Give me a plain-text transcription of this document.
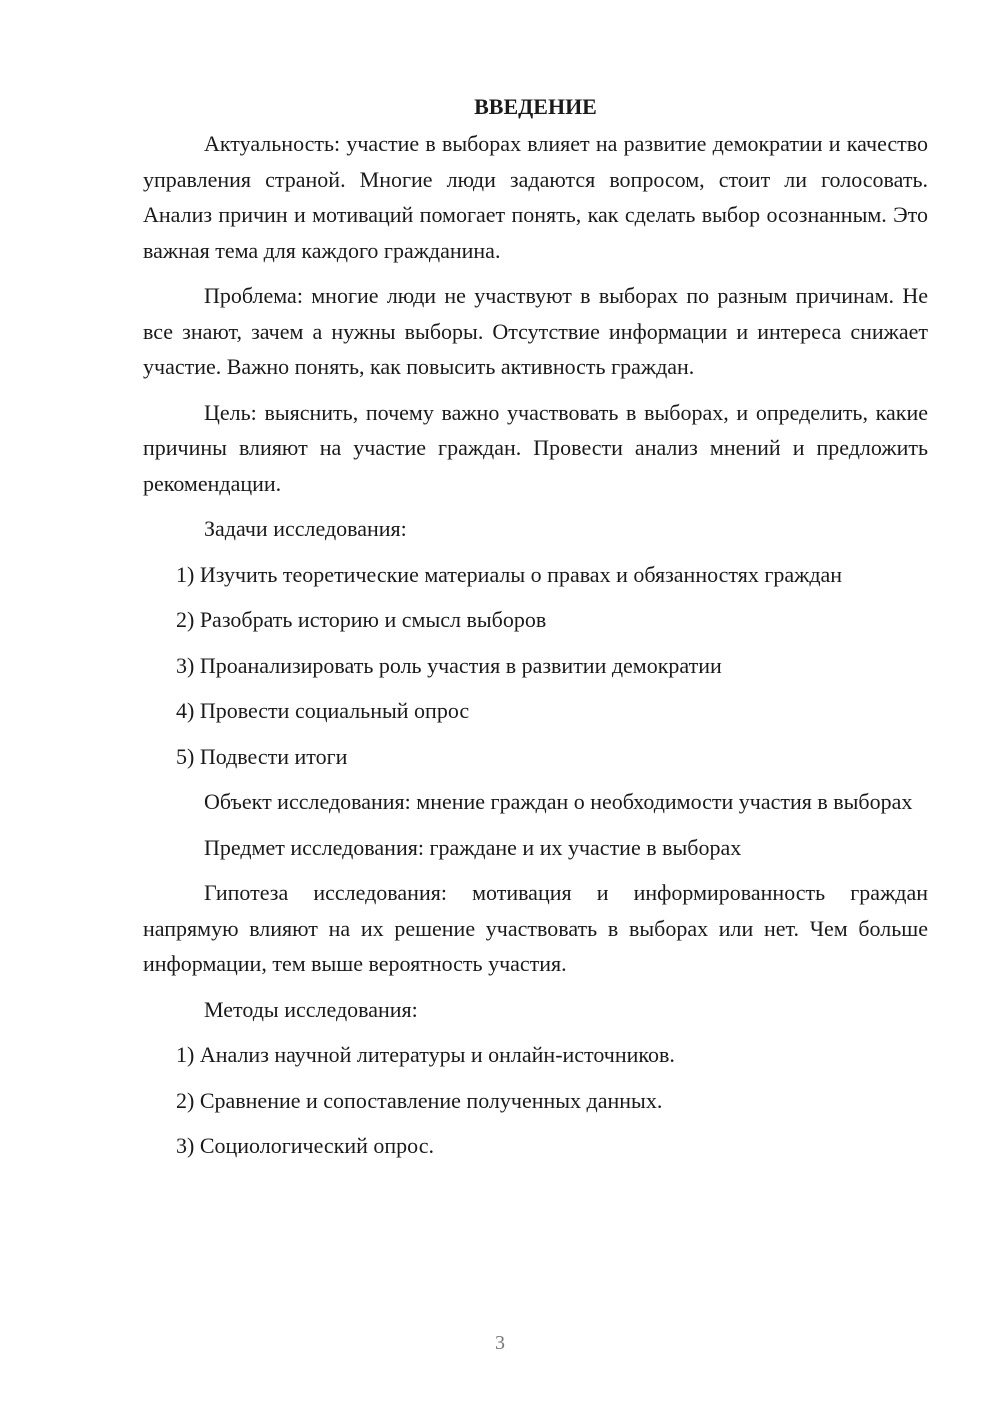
ВВЕДЕНИЕ

Актуальность: участие в выборах влияет на развитие демократии и качество управления страной. Многие люди задаются вопросом, стоит ли голосовать. Анализ причин и мотиваций помогает понять, как сделать выбор осознанным. Это важная тема для каждого гражданина.

Проблема: многие люди не участвуют в выборах по разным причинам. Не все знают, зачем а нужны выборы. Отсутствие информации и интереса снижает участие. Важно понять, как повысить активность граждан.

Цель: выяснить, почему важно участвовать в выборах, и определить, какие причины влияют на участие граждан. Провести анализ мнений и предложить рекомендации.

Задачи исследования:

1) Изучить теоретические материалы о правах и обязанностях граждан

2) Разобрать историю и смысл выборов

3) Проанализировать роль участия в развитии демократии

4) Провести социальный опрос

5) Подвести итоги

Объект исследования: мнение граждан о необходимости участия в выборах

Предмет исследования: граждане и их участие в выборах

Гипотеза исследования: мотивация и информированность граждан напрямую влияют на их решение участвовать в выборах или нет. Чем больше информации, тем выше вероятность участия.

Методы исследования:

1) Анализ научной литературы и онлайн-источников.

2) Сравнение и сопоставление полученных данных.

3) Социологический опрос.

3
